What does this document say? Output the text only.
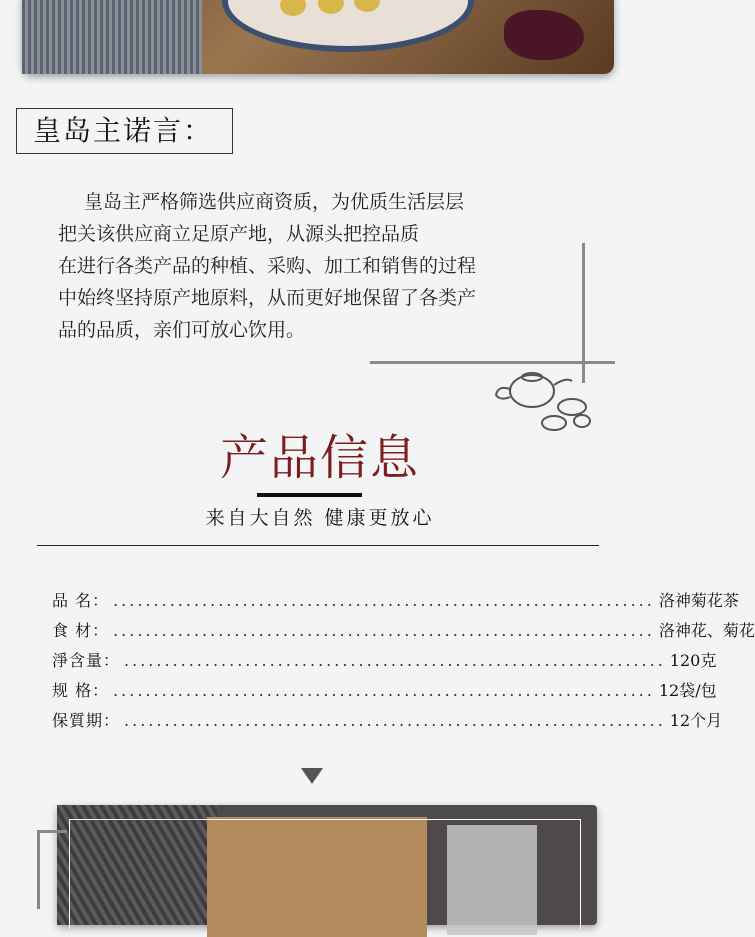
皇岛主诺言：
皇岛主严格筛选供应商资质，为优质生活层层
把关该供应商立足原产地，从源头把控品质
在进行各类产品的种植、采购、加工和销售的过程
中始终坚持原产地原料，从而更好地保留了各类产
品的品质，亲们可放心饮用。
产品信息
来自大自然 健康更放心
品 名： ................................................................... 洛神菊花茶
食 材： ................................................................... 洛神花、菊花
淨含量： ................................................................... 120克
规 格： ................................................................... 12袋/包
保質期： ................................................................... 12个月
